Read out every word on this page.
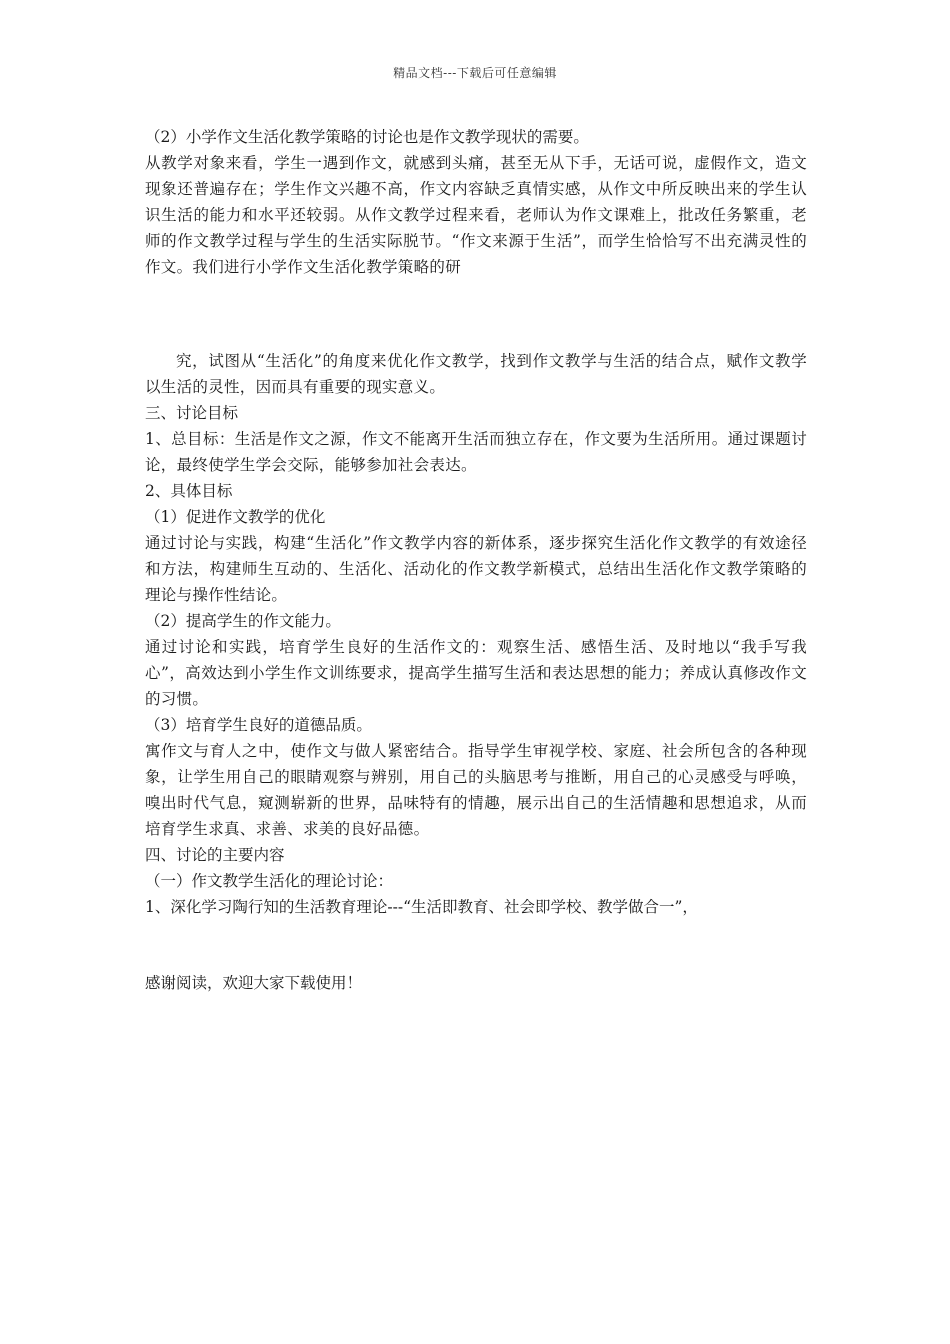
精品文档---下载后可任意编辑

（2）小学作文生活化教学策略的讨论也是作文教学现状的需要。

从教学对象来看，学生一遇到作文，就感到头痛，甚至无从下手，无话可说，虚假作文，造文现象还普遍存在；学生作文兴趣不高，作文内容缺乏真情实感，从作文中所反映出来的学生认识生活的能力和水平还较弱。从作文教学过程来看，老师认为作文课难上，批改任务繁重，老师的作文教学过程与学生的生活实际脱节。“作文来源于生活”，而学生恰恰写不出充满灵性的作文。我们进行小学作文生活化教学策略的研

究，试图从“生活化”的角度来优化作文教学，找到作文教学与生活的结合点，赋作文教学以生活的灵性，因而具有重要的现实意义。

三、讨论目标

1、总目标：生活是作文之源，作文不能离开生活而独立存在，作文要为生活所用。通过课题讨论，最终使学生学会交际，能够参加社会表达。

2、具体目标

（1）促进作文教学的优化

通过讨论与实践，构建“生活化”作文教学内容的新体系，逐步探究生活化作文教学的有效途径和方法，构建师生互动的、生活化、活动化的作文教学新模式，总结出生活化作文教学策略的理论与操作性结论。

（2）提高学生的作文能力。

通过讨论和实践，培育学生良好的生活作文的：观察生活、感悟生活、及时地以“我手写我心”，高效达到小学生作文训练要求，提高学生描写生活和表达思想的能力；养成认真修改作文的习惯。

（3）培育学生良好的道德品质。

寓作文与育人之中，使作文与做人紧密结合。指导学生审视学校、家庭、社会所包含的各种现象，让学生用自己的眼睛观察与辨别，用自己的头脑思考与推断，用自己的心灵感受与呼唤，嗅出时代气息，窥测崭新的世界，品味特有的情趣，展示出自己的生活情趣和思想追求，从而培育学生求真、求善、求美的良好品德。

四、讨论的主要内容

（一）作文教学生活化的理论讨论：

1、深化学习陶行知的生活教育理论---“生活即教育、社会即学校、教学做合一”，

感谢阅读，欢迎大家下载使用！
